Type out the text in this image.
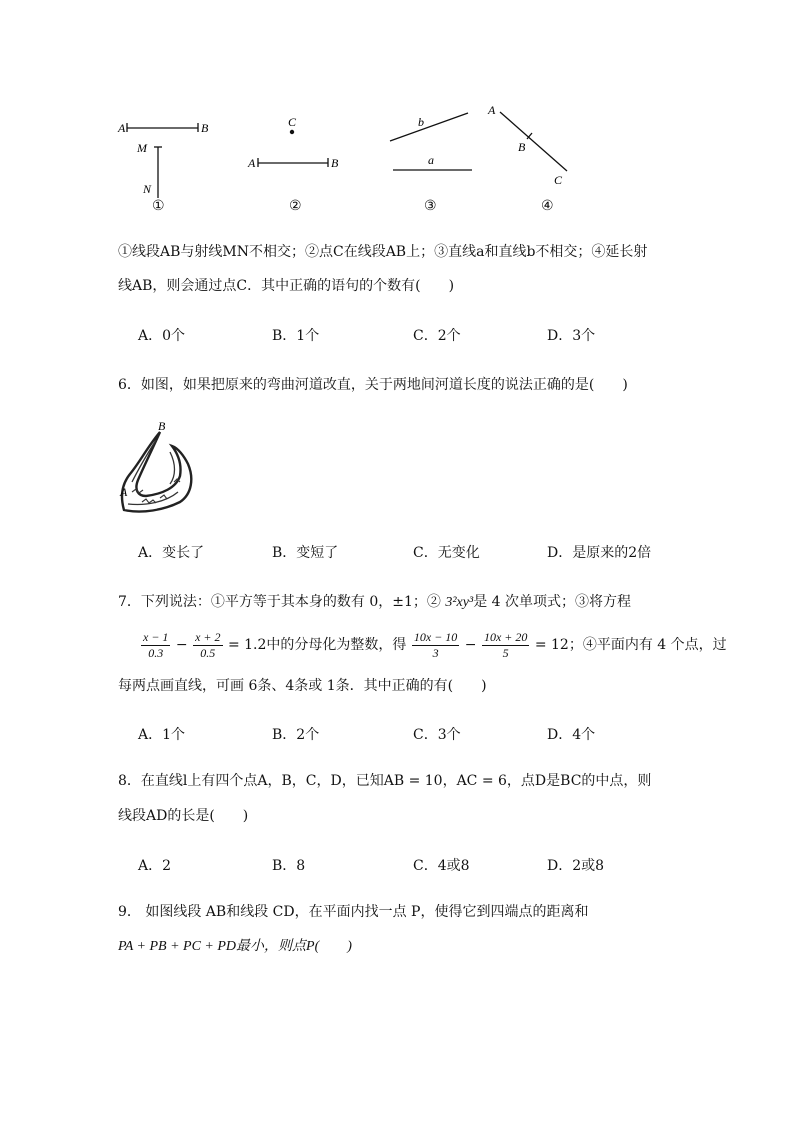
A	B
M
N
①
C
A	B
②
b
a
③
A
B
C
④
①线段AB与射线MN不相交；②点C在线段AB上；③直线a和直线b不相交；④延长射
线AB，则会通过点C．其中正确的语句的个数有(　　)
A．0个	B．1个	C．2个	D．3个
6．如图，如果把原来的弯曲河道改直，关于两地间河道长度的说法正确的是(　　)
B
A
A．变长了	B．变短了	C．无变化	D．是原来的2倍
7．下列说法：①平方等于其本身的数有 0，±1；② 3²xy³是 4 次单项式；③将方程
$\frac{x - 1}{0.3} - \frac{x + 2}{0.5} = 1.2$中的分母化为整数，得 $\frac{10x - 10}{3} - \frac{10x + 20}{5} = 12$；④平面内有 4 个点，过
每两点画直线，可画 6条、4条或 1条．其中正确的有(　　)
A．1个	B．2个	C．3个	D．4个
8．在直线l上有四个点A，B，C，D，已知AB = 10，AC = 6，点D是BC的中点，则
线段AD的长是(　　)
A．2	B．8	C．4或8	D．2或8
9． 如图线段 AB和线段 CD，在平面内找一点 P，使得它到四端点的距离和
PA + PB + PC + PD最小，则点P(　　)
